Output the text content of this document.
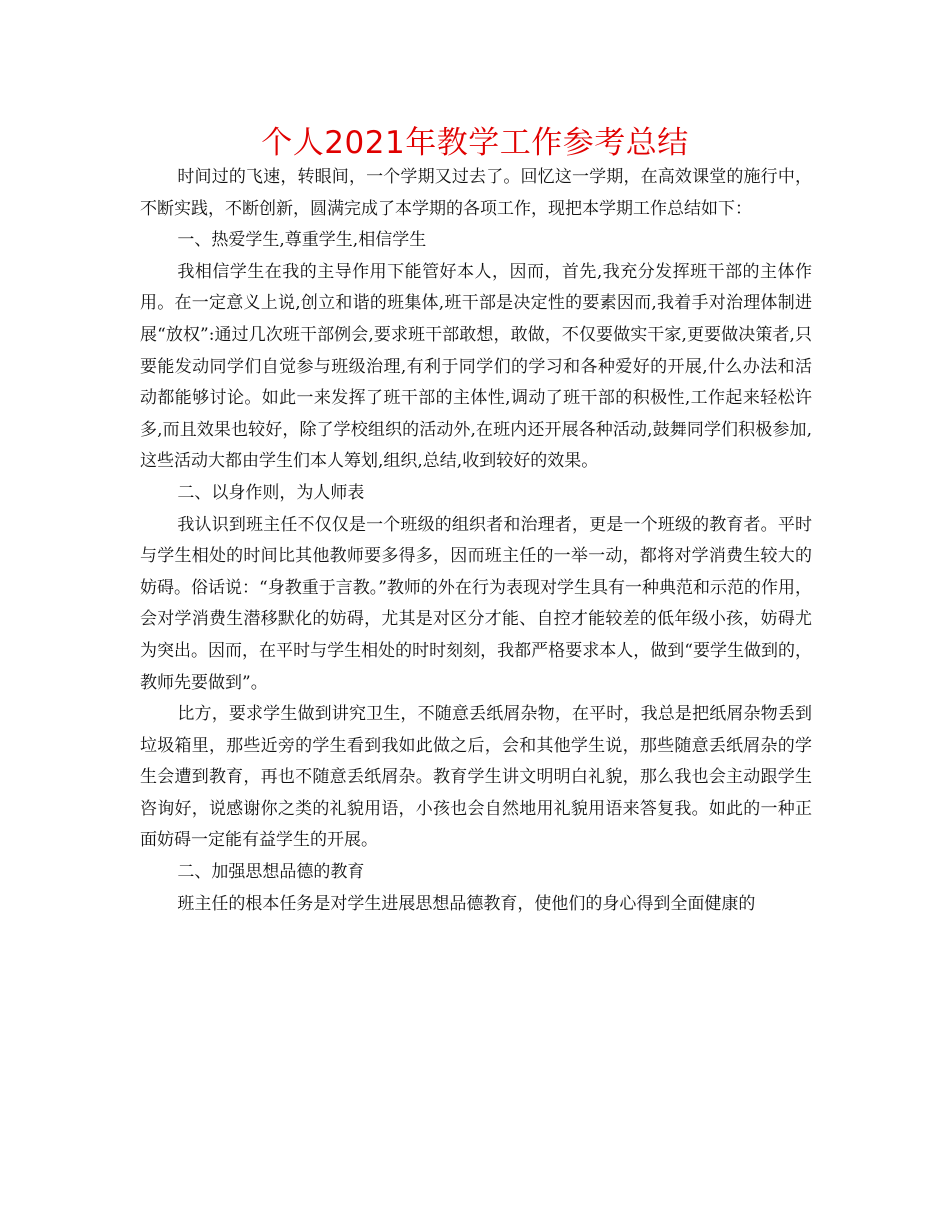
个人2021年教学工作参考总结

时间过的飞速，转眼间，一个学期又过去了。回忆这一学期，在高效课堂的施行中，不断实践，不断创新，圆满完成了本学期的各项工作，现把本学期工作总结如下：

一、热爱学生,尊重学生,相信学生

我相信学生在我的主导作用下能管好本人，因而，首先,我充分发挥班干部的主体作用。在一定意义上说,创立和谐的班集体,班干部是决定性的要素因而,我着手对治理体制进展“放权”:通过几次班干部例会,要求班干部敢想，敢做，不仅要做实干家,更要做决策者,只要能发动同学们自觉参与班级治理,有利于同学们的学习和各种爱好的开展,什么办法和活动都能够讨论。如此一来发挥了班干部的主体性,调动了班干部的积极性,工作起来轻松许多,而且效果也较好，除了学校组织的活动外,在班内还开展各种活动,鼓舞同学们积极参加,这些活动大都由学生们本人筹划,组织,总结,收到较好的效果。

二、以身作则，为人师表

我认识到班主任不仅仅是一个班级的组织者和治理者，更是一个班级的教育者。平时与学生相处的时间比其他教师要多得多，因而班主任的一举一动，都将对学消费生较大的妨碍。俗话说：“身教重于言教。”教师的外在行为表现对学生具有一种典范和示范的作用，会对学消费生潜移默化的妨碍，尤其是对区分才能、自控才能较差的低年级小孩，妨碍尤为突出。因而，在平时与学生相处的时时刻刻，我都严格要求本人，做到“要学生做到的，教师先要做到”。

比方，要求学生做到讲究卫生，不随意丢纸屑杂物，在平时，我总是把纸屑杂物丢到垃圾箱里，那些近旁的学生看到我如此做之后，会和其他学生说，那些随意丢纸屑杂的学生会遭到教育，再也不随意丢纸屑杂。教育学生讲文明明白礼貌，那么我也会主动跟学生咨询好，说感谢你之类的礼貌用语，小孩也会自然地用礼貌用语来答复我。如此的一种正面妨碍一定能有益学生的开展。

二、加强思想品德的教育

班主任的根本任务是对学生进展思想品德教育，使他们的身心得到全面健康的
